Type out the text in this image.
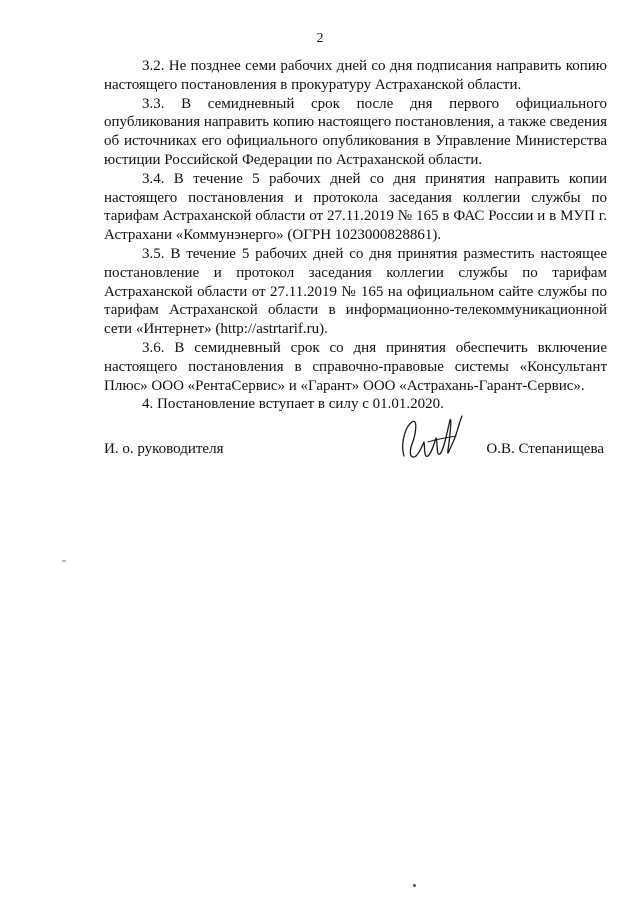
2

3.2. Не позднее семи рабочих дней со дня подписания направить копию настоящего постановления в прокуратуру Астраханской области.

3.3. В семидневный срок после дня первого официального опубликования направить копию настоящего постановления, а также сведения об источниках его официального опубликования в Управление Министерства юстиции Российской Федерации по Астраханской области.

3.4. В течение 5 рабочих дней со дня принятия направить копии настоящего постановления и протокола заседания коллегии службы по тарифам Астраханской области от 27.11.2019 № 165 в ФАС России и в МУП г. Астрахани «Коммунэнерго» (ОГРН 1023000828861).

3.5. В течение 5 рабочих дней со дня принятия разместить настоящее постановление и протокол заседания коллегии службы по тарифам Астраханской области от 27.11.2019 № 165 на официальном сайте службы по тарифам Астраханской области в информационно-телекоммуникационной сети «Интернет» (http://astrtarif.ru).

3.6. В семидневный срок со дня принятия обеспечить включение настоящего постановления в справочно-правовые системы «Консультант Плюс» ООО «РентаСервис» и «Гарант» ООО «Астрахань-Гарант-Сервис».

4. Постановление вступает в силу с 01.01.2020.

И. о. руководителя	О.В. Степанищева
